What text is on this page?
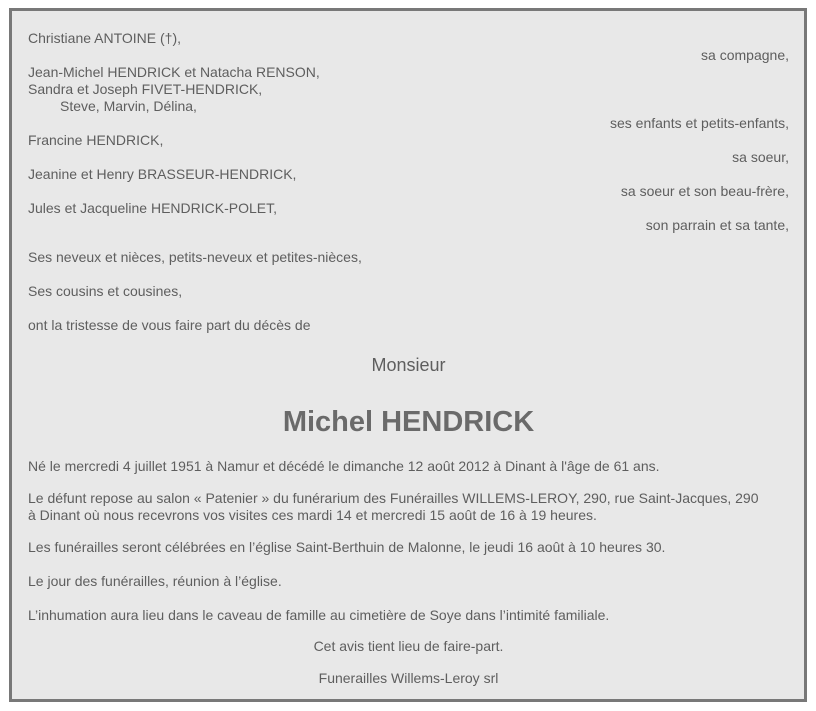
Christiane ANTOINE (†),
sa compagne,
Jean-Michel HENDRICK et Natacha RENSON,
Sandra et Joseph FIVET-HENDRICK,
Steve, Marvin, Délina,
ses enfants et petits-enfants,
Francine HENDRICK,
sa soeur,
Jeanine et Henry BRASSEUR-HENDRICK,
sa soeur et son beau-frère,
Jules et Jacqueline HENDRICK-POLET,
son parrain et sa tante,
Ses neveux et nièces, petits-neveux et petites-nièces,
Ses cousins et cousines,
ont la tristesse de vous faire part du décès de
Monsieur
Michel HENDRICK
Né le mercredi 4 juillet 1951 à Namur et décédé le dimanche 12 août 2012 à Dinant à l'âge de 61 ans.
Le défunt repose au salon « Patenier » du funérarium des Funérailles WILLEMS-LEROY, 290, rue Saint-Jacques, 290
à Dinant où nous recevrons vos visites ces mardi 14 et mercredi 15 août de 16 à 19 heures.
Les funérailles seront célébrées en l’église Saint-Berthuin de Malonne, le jeudi 16 août à 10 heures 30.
Le jour des funérailles, réunion à l’église.
L’inhumation aura lieu dans le caveau de famille au cimetière de Soye dans l’intimité familiale.
Cet avis tient lieu de faire-part.
Funerailles Willems-Leroy srl
